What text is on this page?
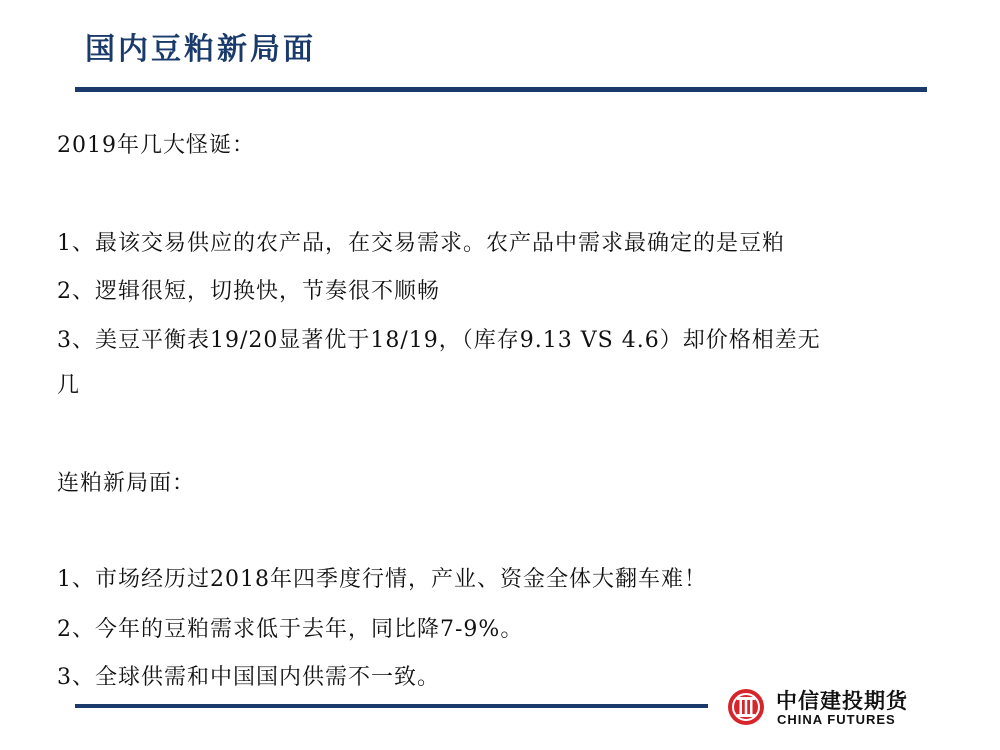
国内豆粕新局面
2019年几大怪诞：
1、最该交易供应的农产品，在交易需求。农产品中需求最确定的是豆粕
2、逻辑很短，切换快，节奏很不顺畅
3、美豆平衡表19/20显著优于18/19，（库存9.13 VS 4.6）却价格相差无
几
连粕新局面：
1、市场经历过2018年四季度行情，产业、资金全体大翻车难！
2、今年的豆粕需求低于去年，同比降7-9%。
3、全球供需和中国国内供需不一致。
中信建投期货
CHINA FUTURES
